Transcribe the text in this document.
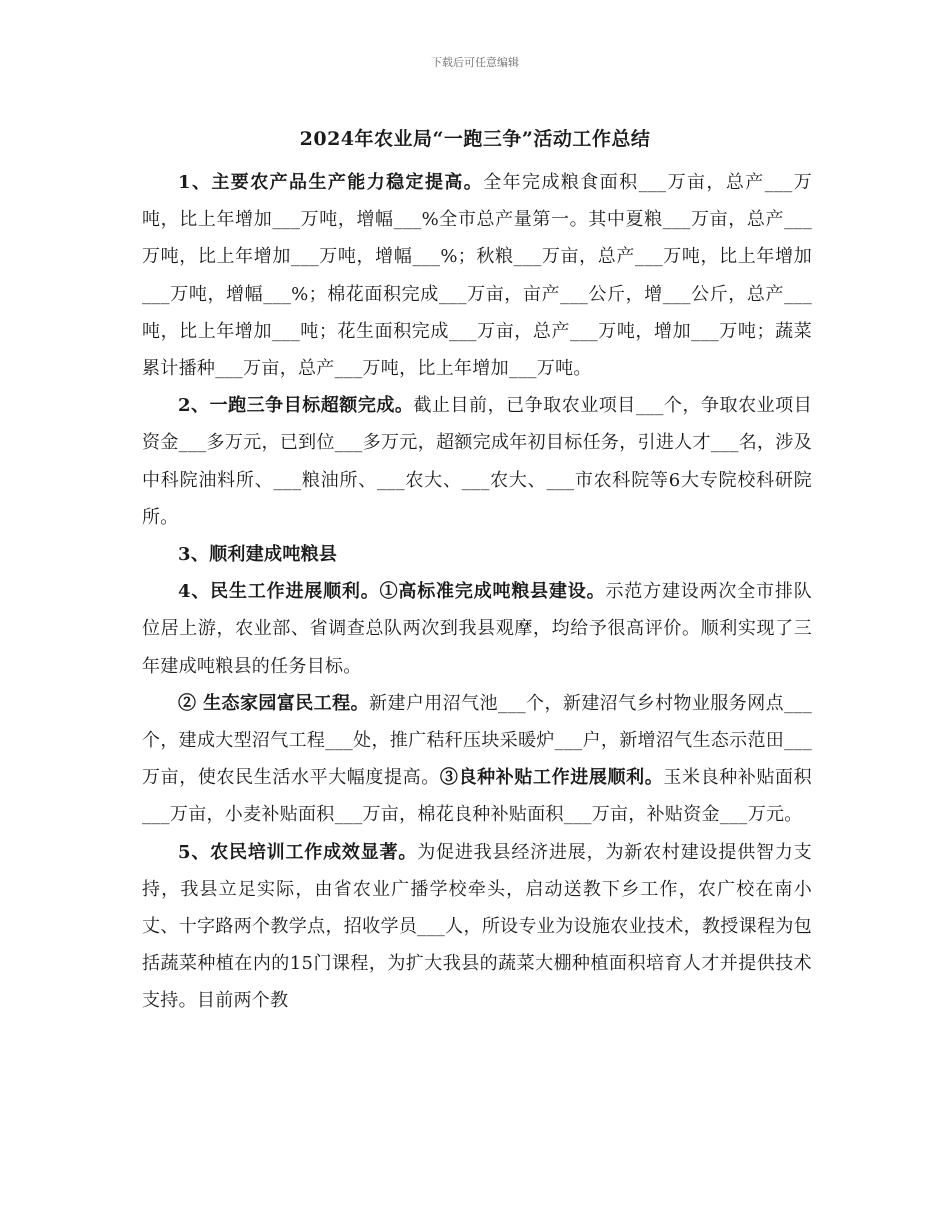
下载后可任意编辑
2024年农业局“一跑三争”活动工作总结

1、主要农产品生产能力稳定提高。全年完成粮食面积___万亩，总产___万吨，比上年增加___万吨，增幅___%全市总产量第一。其中夏粮___万亩，总产___万吨，比上年增加___万吨，增幅___%；秋粮___万亩，总产___万吨，比上年增加___万吨，增幅___%；棉花面积完成___万亩，亩产___公斤，增___公斤，总产___吨，比上年增加___吨；花生面积完成___万亩，总产___万吨，增加___万吨；蔬菜累计播种___万亩，总产___万吨，比上年增加___万吨。

2、一跑三争目标超额完成。截止目前，已争取农业项目___个，争取农业项目资金___多万元，已到位___多万元，超额完成年初目标任务，引进人才___名，涉及中科院油料所、___粮油所、___农大、___农大、___市农科院等6大专院校科研院所。

3、顺利建成吨粮县

4、民生工作进展顺利。①高标准完成吨粮县建设。示范方建设两次全市排队位居上游，农业部、省调查总队两次到我县观摩，均给予很高评价。顺利实现了三年建成吨粮县的任务目标。

② 生态家园富民工程。新建户用沼气池___个，新建沼气乡村物业服务网点___个，建成大型沼气工程___处，推广秸秆压块采暖炉___户，新增沼气生态示范田___万亩，使农民生活水平大幅度提高。③良种补贴工作进展顺利。玉米良种补贴面积___万亩，小麦补贴面积___万亩，棉花良种补贴面积___万亩，补贴资金___万元。

5、农民培训工作成效显著。为促进我县经济进展，为新农村建设提供智力支持，我县立足实际，由省农业广播学校牵头，启动送教下乡工作，农广校在南小丈、十字路两个教学点，招收学员___人，所设专业为设施农业技术，教授课程为包括蔬菜种植在内的15门课程，为扩大我县的蔬菜大棚种植面积培育人才并提供技术支持。目前两个教
